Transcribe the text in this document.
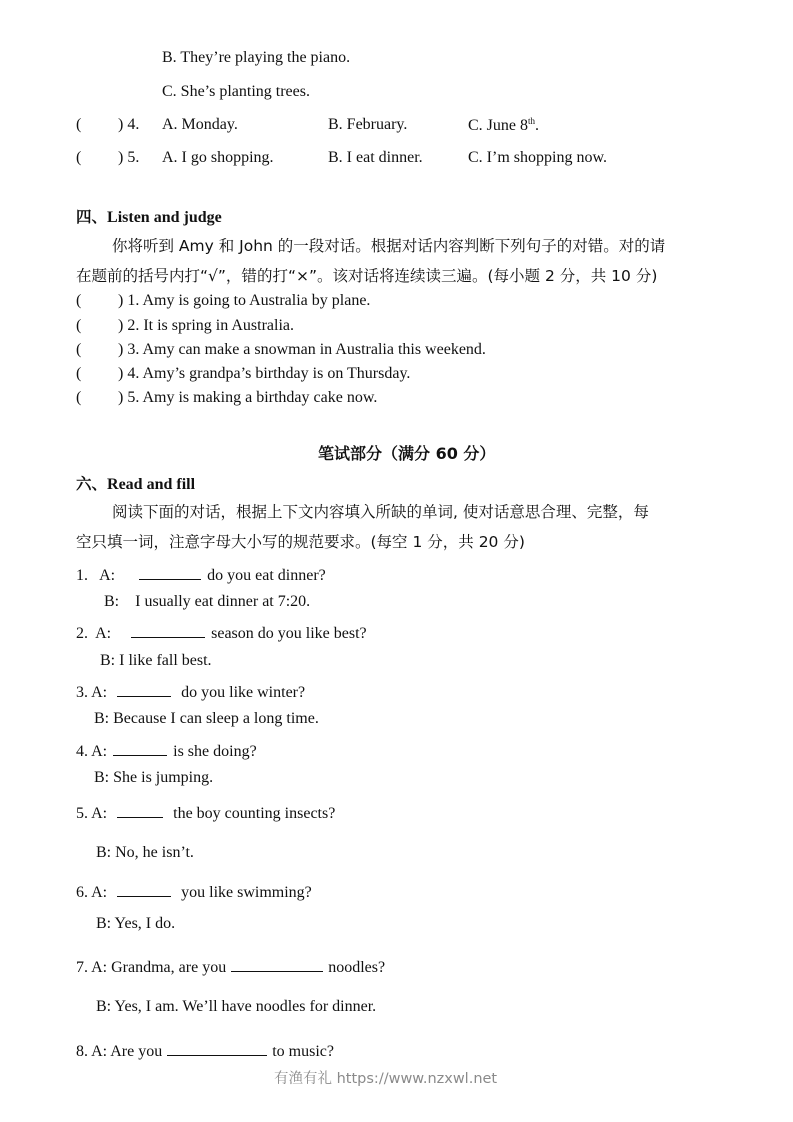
B. They’re playing the piano.
C. She’s planting trees.
( ) 4. A. Monday.	B. February.	C. June 8th.
( ) 5. A. I go shopping.	B. I eat dinner.	C. I’m shopping now.
四、Listen and judge
你将听到 Amy 和 John 的一段对话。根据对话内容判断下列句子的对错。对的请
在题前的括号内打“√”，错的打“×”。该对话将连续读三遍。(每小题 2 分，共 10 分)
( ) 1. Amy is going to Australia by plane.
( ) 2. It is spring in Australia.
( ) 3. Amy can make a snowman in Australia this weekend.
( ) 4. Amy’s grandpa’s birthday is on Thursday.
( ) 5. Amy is making a birthday cake now.
笔试部分（满分 60 分）
六、Read and fill
阅读下面的对话，根据上下文内容填入所缺的单词, 使对话意思合理、完整，每
空只填一词，注意字母大小写的规范要求。(每空 1 分，共 20 分)
1.   A:	do you eat dinner?
B:    I usually eat dinner at 7:20.
2.  A:	season do you like best?
B: I like fall best.
3. A:	do you like winter?
B: Because I can sleep a long time.
4. A:	is she doing?
B: She is jumping.
5. A:	the boy counting insects?
B: No, he isn’t.
6. A:	you like swimming?
B: Yes, I do.
7. A: Grandma, are you	noodles?
B: Yes, I am. We’ll have noodles for dinner.
8. A: Are you	to music?
有渔有礼 https://www.nzxwl.net
